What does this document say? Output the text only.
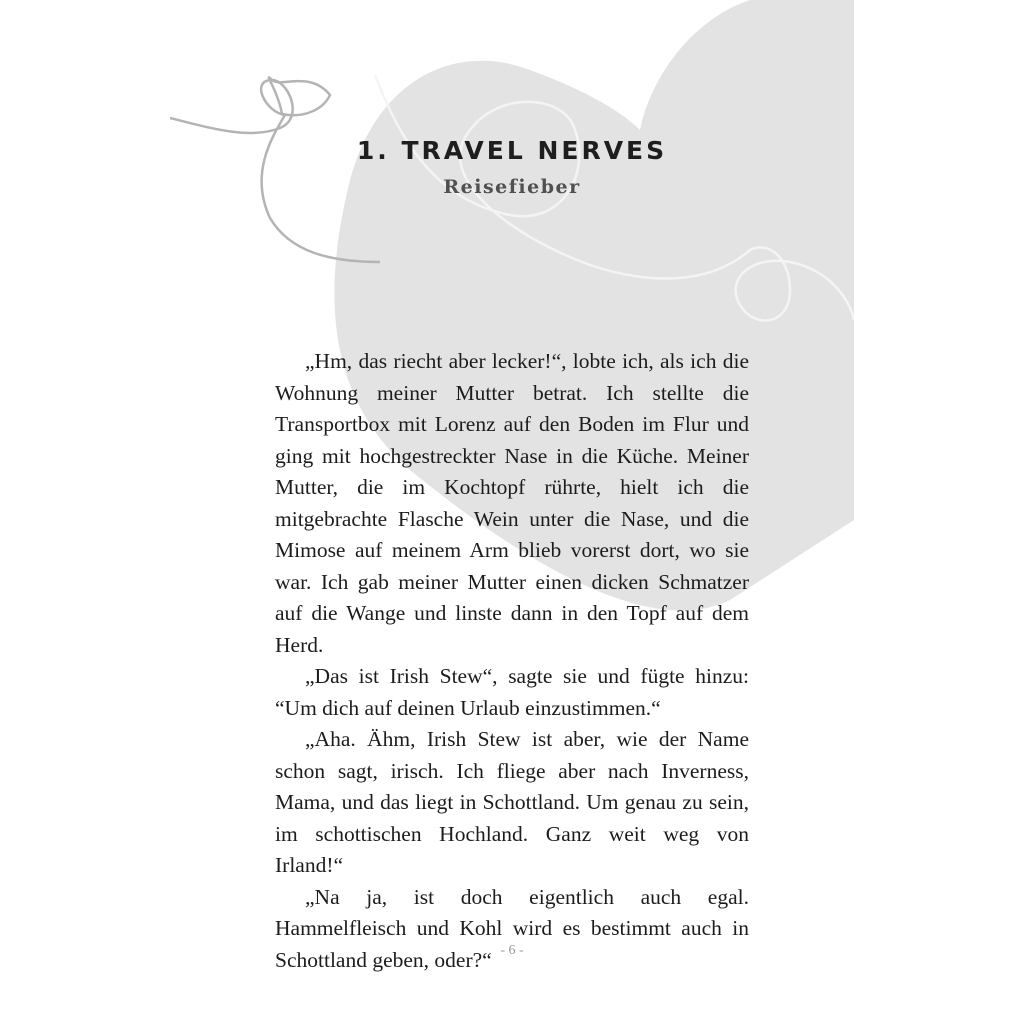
1. TRAVEL NERVES
Reisefieber

„Hm, das riecht aber lecker!“, lobte ich, als ich die Wohnung meiner Mutter betrat. Ich stellte die Transportbox mit Lorenz auf den Boden im Flur und ging mit hochgestreckter Nase in die Küche. Meiner Mutter, die im Kochtopf rührte, hielt ich die mitgebrachte Flasche Wein unter die Nase, und die Mimose auf meinem Arm blieb vorerst dort, wo sie war. Ich gab meiner Mutter einen dicken Schmatzer auf die Wange und linste dann in den Topf auf dem Herd.

„Das ist Irish Stew“, sagte sie und fügte hinzu: “Um dich auf deinen Urlaub einzustimmen.“

„Aha. Ähm, Irish Stew ist aber, wie der Name schon sagt, irisch. Ich fliege aber nach Inverness, Mama, und das liegt in Schottland. Um genau zu sein, im schottischen Hochland. Ganz weit weg von Irland!“

„Na ja, ist doch eigentlich auch egal. Hammelfleisch und Kohl wird es bestimmt auch in Schottland geben, oder?“ - 6 -
